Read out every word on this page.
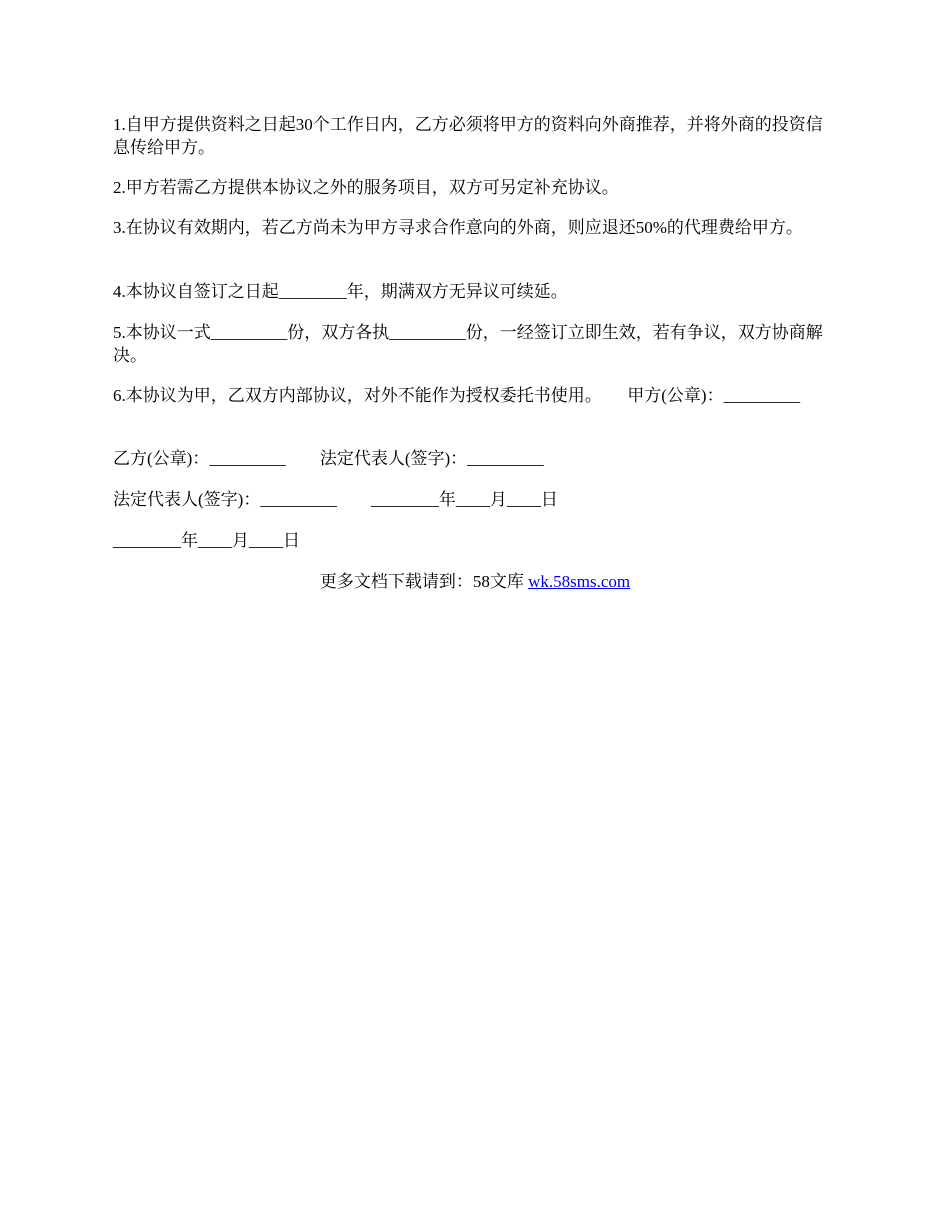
1.自甲方提供资料之日起30个工作日内，乙方必须将甲方的资料向外商推荐，并将外商的投资信息传给甲方。

2.甲方若需乙方提供本协议之外的服务项目，双方可另定补充协议。

3.在协议有效期内，若乙方尚未为甲方寻求合作意向的外商，则应退还50%的代理费给甲方。

4.本协议自签订之日起________年，期满双方无异议可续延。

5.本协议一式_________份，双方各执_________份，一经签订立即生效，若有争议，双方协商解决。

6.本协议为甲，乙双方内部协议，对外不能作为授权委托书使用。　　甲方(公章)：_________

乙方(公章)：_________　　法定代表人(签字)：_________

法定代表人(签字)：_________　　________年____月____日

________年____月____日

更多文档下载请到：58文库 wk.58sms.com
